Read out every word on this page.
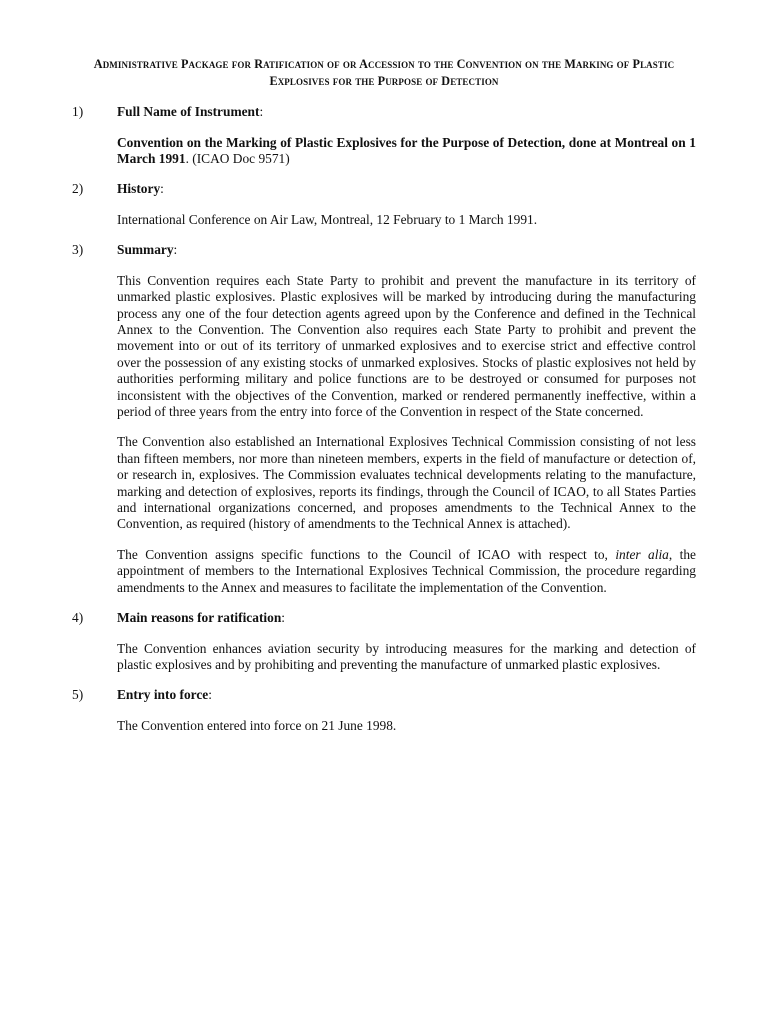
Administrative Package for Ratification of or Accession to the Convention on the Marking of Plastic Explosives for the Purpose of Detection
1)	Full Name of Instrument:
Convention on the Marking of Plastic Explosives for the Purpose of Detection, done at Montreal on 1 March 1991. (ICAO Doc 9571)
2)	History:
International Conference on Air Law, Montreal, 12 February to 1 March 1991.
3)	Summary:
This Convention requires each State Party to prohibit and prevent the manufacture in its territory of unmarked plastic explosives. Plastic explosives will be marked by introducing during the manufacturing process any one of the four detection agents agreed upon by the Conference and defined in the Technical Annex to the Convention. The Convention also requires each State Party to prohibit and prevent the movement into or out of its territory of unmarked explosives and to exercise strict and effective control over the possession of any existing stocks of unmarked explosives. Stocks of plastic explosives not held by authorities performing military and police functions are to be destroyed or consumed for purposes not inconsistent with the objectives of the Convention, marked or rendered permanently ineffective, within a period of three years from the entry into force of the Convention in respect of the State concerned.
The Convention also established an International Explosives Technical Commission consisting of not less than fifteen members, nor more than nineteen members, experts in the field of manufacture or detection of, or research in, explosives. The Commission evaluates technical developments relating to the manufacture, marking and detection of explosives, reports its findings, through the Council of ICAO, to all States Parties and international organizations concerned, and proposes amendments to the Technical Annex to the Convention, as required (history of amendments to the Technical Annex is attached).
The Convention assigns specific functions to the Council of ICAO with respect to, inter alia, the appointment of members to the International Explosives Technical Commission, the procedure regarding amendments to the Annex and measures to facilitate the implementation of the Convention.
4)	Main reasons for ratification:
The Convention enhances aviation security by introducing measures for the marking and detection of plastic explosives and by prohibiting and preventing the manufacture of unmarked plastic explosives.
5)	Entry into force:
The Convention entered into force on 21 June 1998.
